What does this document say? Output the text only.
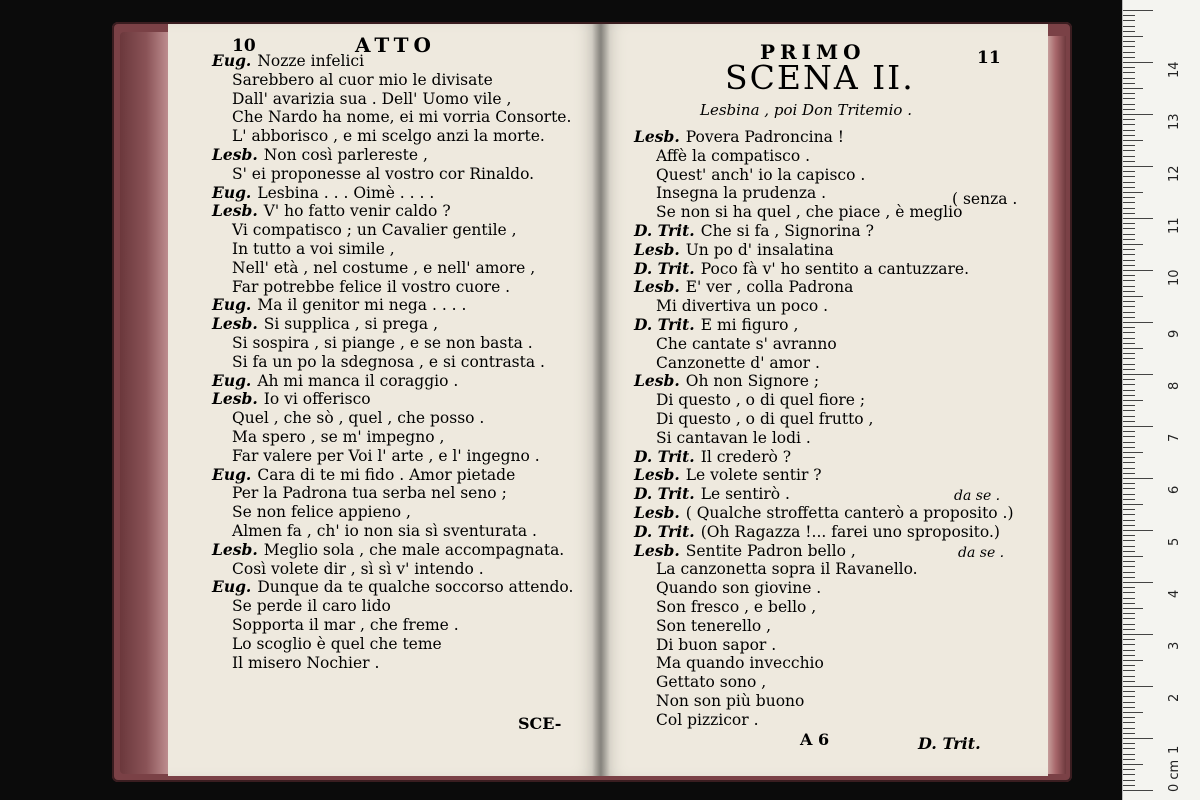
10	ATTO
Eug. Nozze infelici
Sarebbero al cuor mio le divisate
Dall' avarizia sua . Dell' Uomo vile ,
Che Nardo ha nome, ei mi vorria Consorte.
L' abborisco , e mi scelgo anzi la morte.
Lesb. Non così parlereste ,
S' ei proponesse al vostro cor Rinaldo.
Eug. Lesbina . . . Oimè . . . .
Lesb. V' ho fatto venir caldo ?
Vi compatisco ; un Cavalier gentile ,
In tutto a voi simile ,
Nell' età , nel costume , e nell' amore ,
Far potrebbe felice il vostro cuore .
Eug. Ma il genitor mi nega . . . .
Lesb. Si supplica , si prega ,
Si sospira , si piange , e se non basta .
Si fa un po la sdegnosa , e si contrasta .
Eug. Ah mi manca il coraggio .
Lesb. Io vi offerisco
Quel , che sò , quel , che posso .
Ma spero , se m' impegno ,
Far valere per Voi l' arte , e l' ingegno .
Eug. Cara di te mi fido . Amor pietade
Per la Padrona tua serba nel seno ;
Se non felice appieno ,
Almen fa , ch' io non sia sì sventurata .
Lesb. Meglio sola , che male accompagnata.
Così volete dir , sì sì v' intendo .
Eug. Dunque da te qualche soccorso attendo.
Se perde il caro lido
Sopporta il mar , che freme .
Lo scoglio è quel che teme
Il misero Nochier .
SCE-
PRIMO	11
SCENA II.
Lesbina , poi Don Tritemio .
Lesb. Povera Padroncina !
Affè la compatisco .
Quest' anch' io la capisco .
Insegna la prudenza .
Se non si ha quel , che piace , è meglio
D. Trit. Che si fa , Signorina ?
Lesb. Un po d' insalatina
D. Trit. Poco fà v' ho sentito a cantuzzare.
Lesb. E' ver , colla Padrona
Mi divertiva un poco .
D. Trit. E mi figuro ,
Che cantate s' avranno
Canzonette d' amor .
Lesb. Oh non Signore ;
Di questo , o di quel fiore ;
Di questo , o di quel frutto ,
Si cantavan le lodi .
D. Trit. Il crederò ?
Lesb. Le volete sentir ?
D. Trit. Le sentirò .
Lesb. ( Qualche stroffetta canterò a proposito .)
D. Trit. (Oh Ragazza !... farei uno sproposito.)
Lesb. Sentite Padron bello ,
La canzonetta sopra il Ravanello.
Quando son giovine .
Son fresco , e bello ,
Son tenerello ,
Di buon sapor .
Ma quando invecchio
Gettato sono ,
Non son più buono
Col pizzicor .
( senza .
da se .
da se .
A 6	D. Trit.
14
13
12
11
10
9
8
7
6
5
4
3
2
1
0 cm
